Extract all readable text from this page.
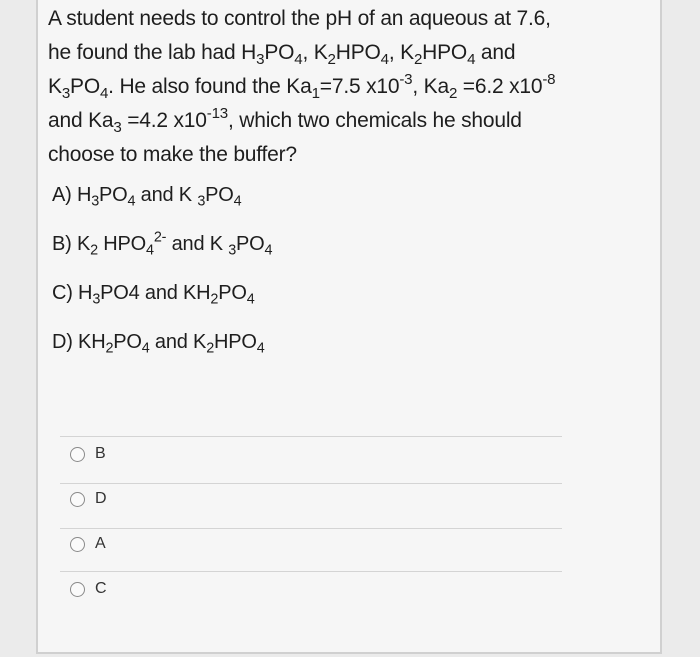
A student needs to control the pH of an aqueous at 7.6,

he found the lab had $H_3PO_4$, $K_2HPO_4$, $K_2HPO_4$ and

$K_3PO_4$. He also found the $Ka_1=7.5$ $x10^{-3}$, $Ka_2 =6.2$ $x10^{-8}$

and $Ka_3 =4.2$ $x10^{-13}$, which two chemicals he should

choose to make the buffer?

A) $H_3PO_4$ and K $_3PO_4$
B) $K_2$ $HPO_4^{2-}$ and K $_3PO_4$
C) $H_3PO4$ and $KH_2PO_4$
D) $KH_2PO_4$ and $K_2HPO_4$
B
D
A
C
